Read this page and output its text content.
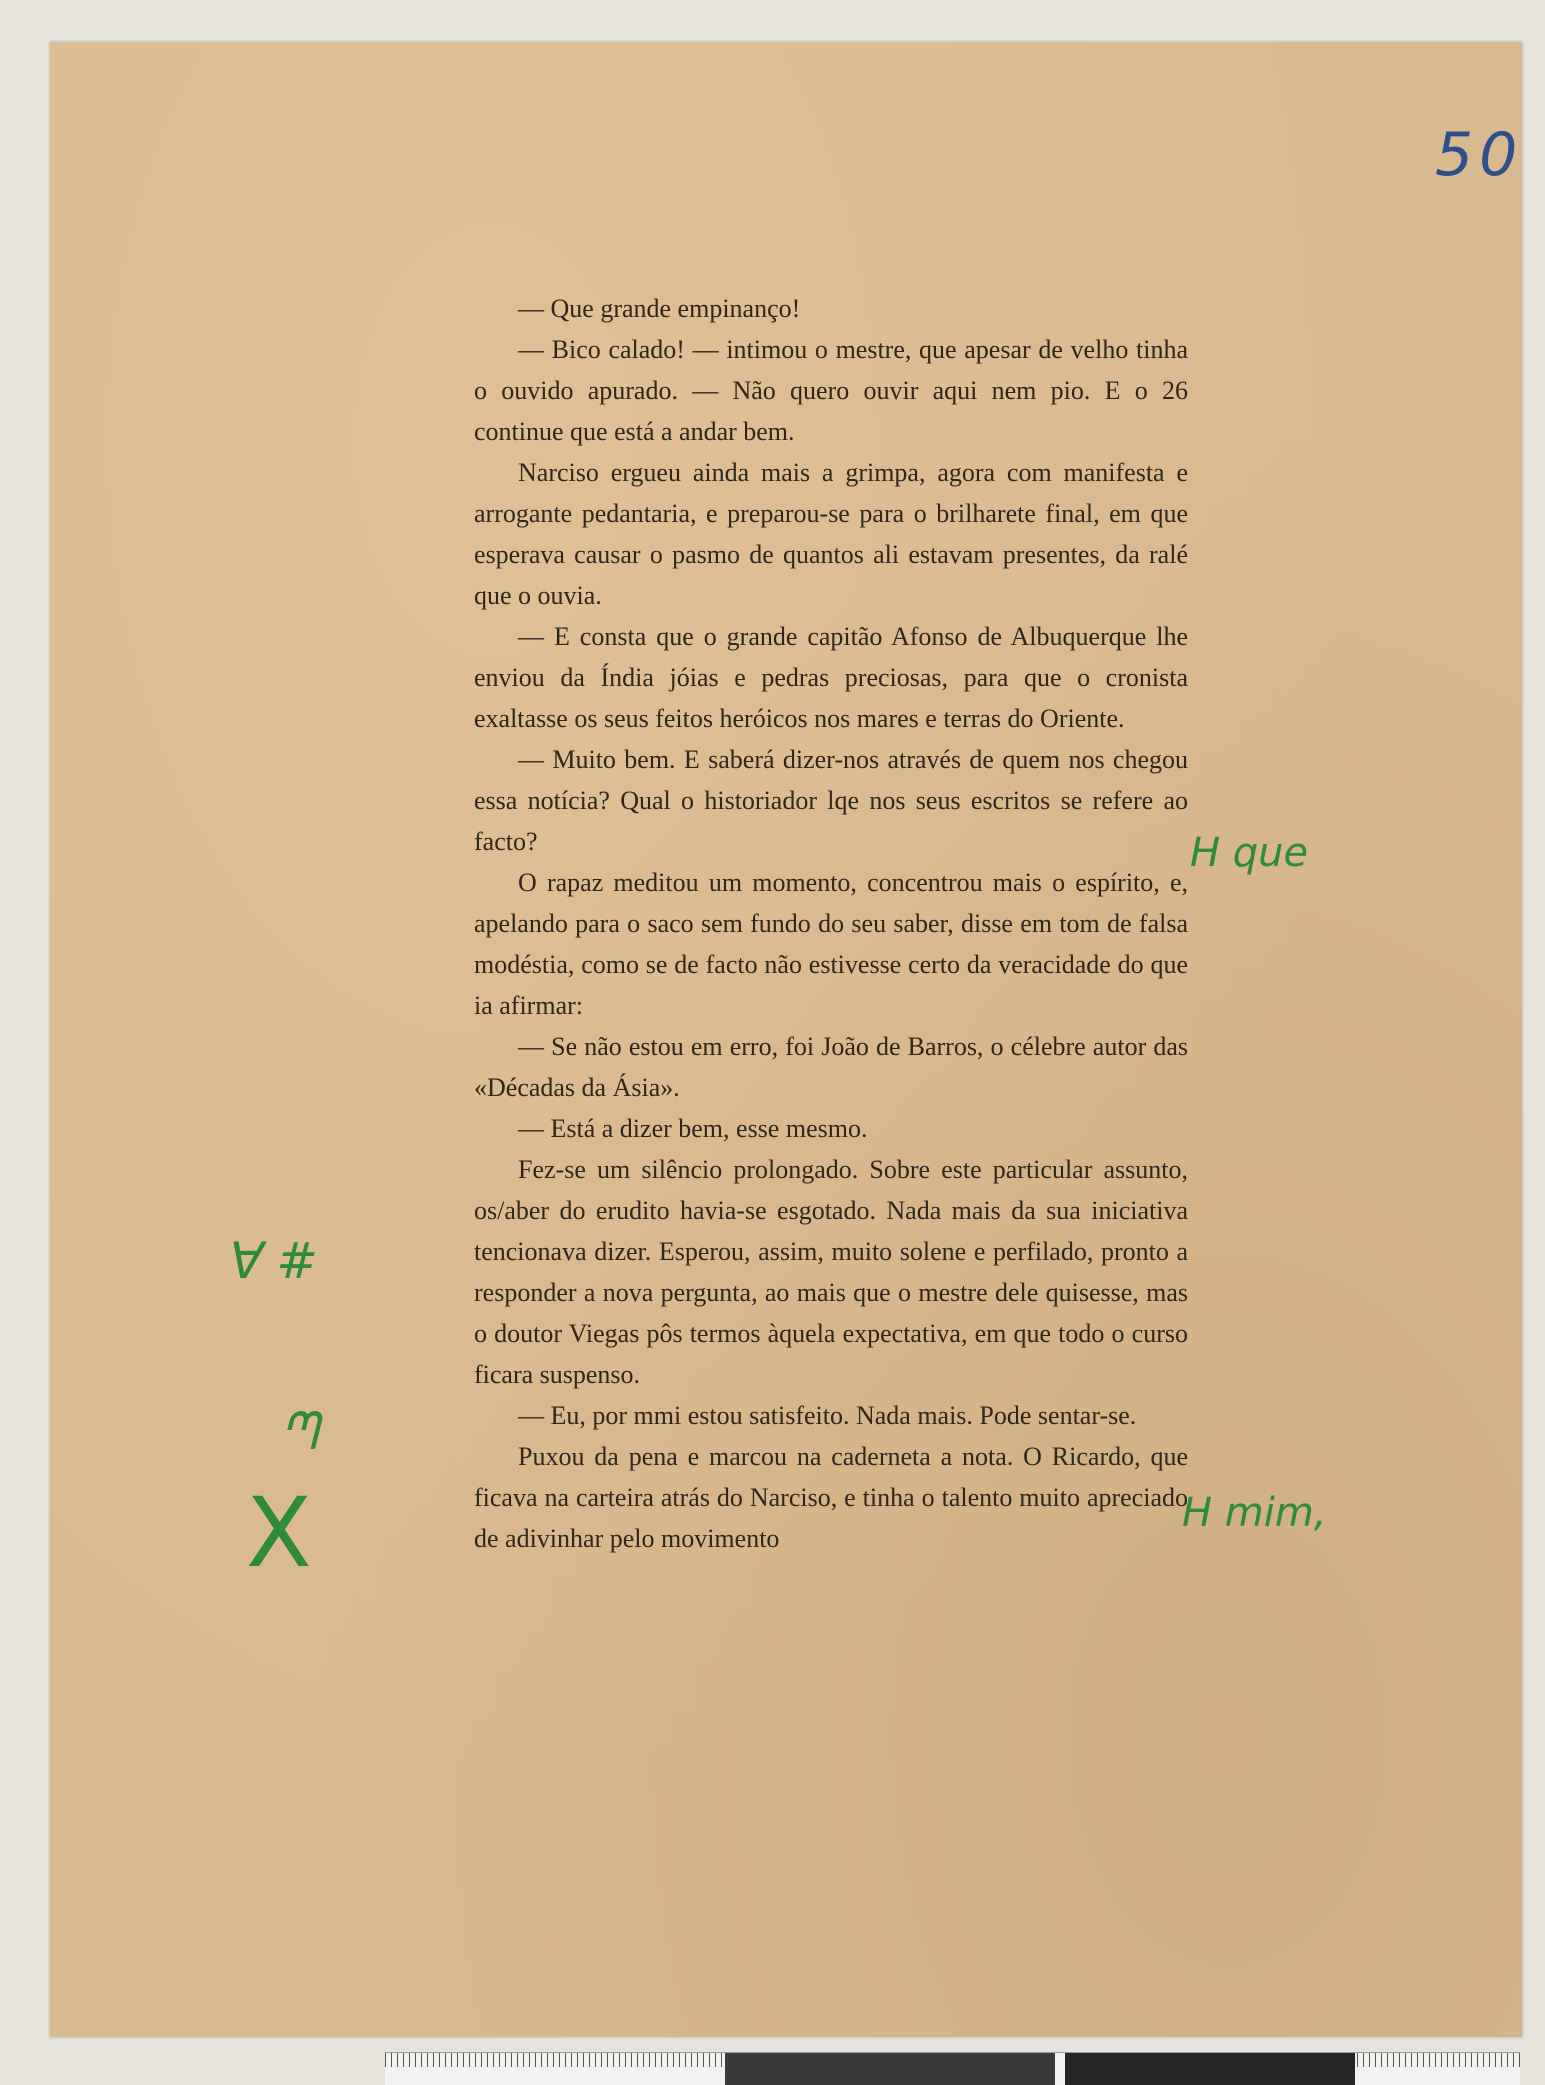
50

— Que grande empinanço!

— Bico calado! — intimou o mestre, que apesar de velho tinha o ouvido apurado. — Não quero ouvir aqui nem pio. E o 26 continue que está a andar bem.

Narciso ergueu ainda mais a grimpa, agora com manifesta e arrogante pedantaria, e preparou-se para o brilharete final, em que esperava causar o pasmo de quantos ali estavam presentes, da ralé que o ouvia.

— E consta que o grande capitão Afonso de Albuquerque lhe enviou da Índia jóias e pedras preciosas, para que o cronista exaltasse os seus feitos heróicos nos mares e terras do Oriente.

— Muito bem. E saberá dizer-nos através de quem nos chegou essa notícia? Qual o historiador lqe nos seus escritos se refere ao facto?

O rapaz meditou um momento, concentrou mais o espírito, e, apelando para o saco sem fundo do seu saber, disse em tom de falsa modéstia, como se de facto não estivesse certo da veracidade do que ia afirmar:

— Se não estou em erro, foi João de Barros, o célebre autor das «Décadas da Ásia».

— Está a dizer bem, esse mesmo.

Fez-se um silêncio prolongado. Sobre este particular assunto, os/aber do erudito havia-se esgotado. Nada mais da sua iniciativa tencionava dizer. Esperou, assim, muito solene e perfilado, pronto a responder a nova pergunta, ao mais que o mestre dele quisesse, mas o doutor Viegas pôs termos àquela expectativa, em que todo o curso ficara suspenso.

— Eu, por mmi estou satisfeito. Nada mais. Pode sentar-se.

Puxou da pena e marcou na caderneta a nota. O Ricardo, que ficava na carteira atrás do Narciso, e tinha o talento muito apreciado de adivinhar pelo movimento

H que
H mim,
ꓯ #
ᘉ
X
